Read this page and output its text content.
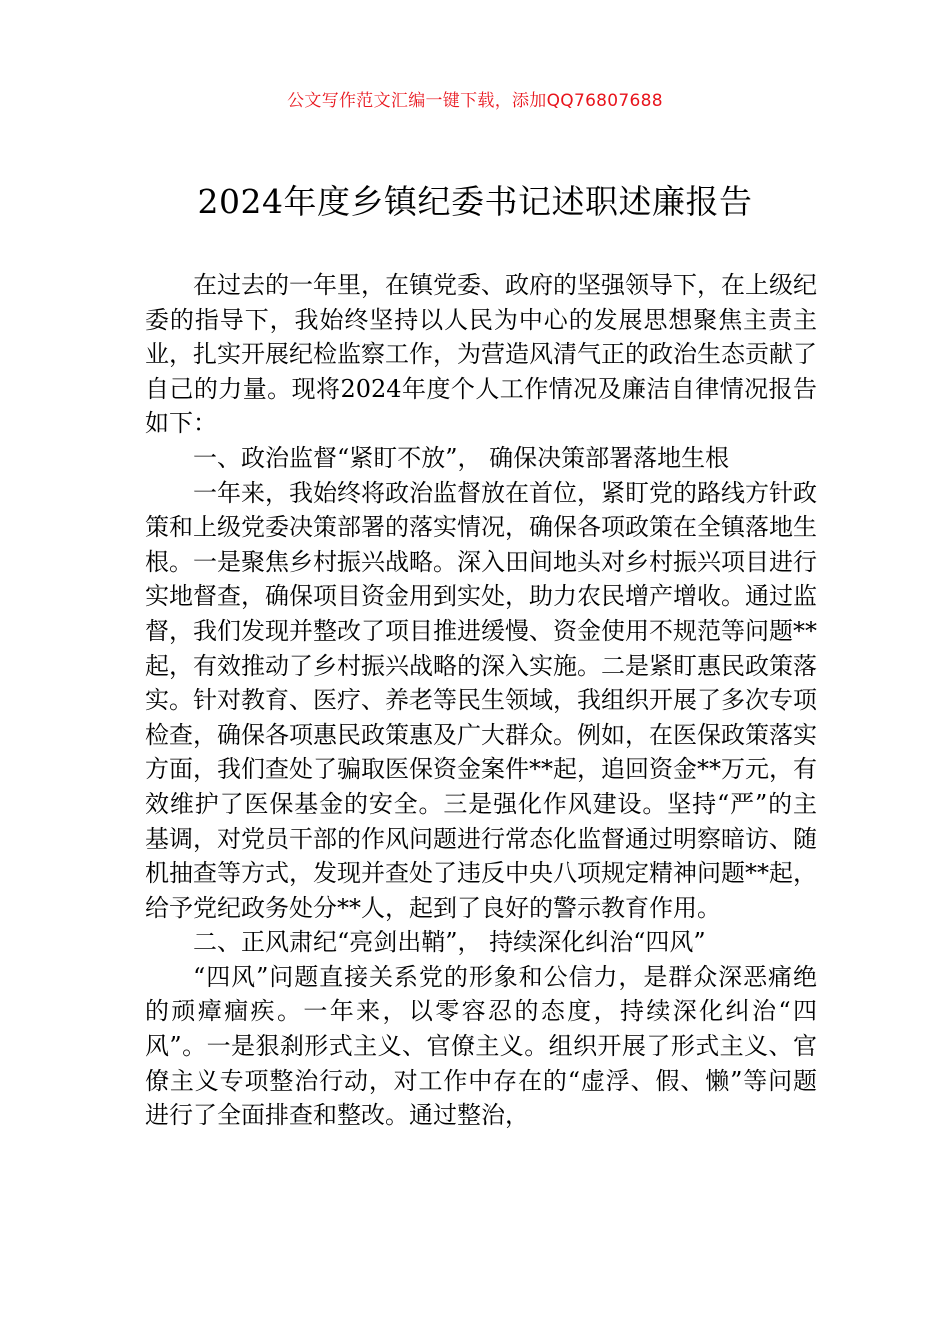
公文写作范文汇编一键下载，添加QQ76807688
2024年度乡镇纪委书记述职述廉报告

在过去的一年里，在镇党委、政府的坚强领导下，在上级纪委的指导下，我始终坚持以人民为中心的发展思想聚焦主责主业，扎实开展纪检监察工作，为营造风清气正的政治生态贡献了自己的力量。现将2024年度个人工作情况及廉洁自律情况报告如下：

一、政治监督“紧盯不放”， 确保决策部署落地生根

一年来，我始终将政治监督放在首位，紧盯党的路线方针政策和上级党委决策部署的落实情况，确保各项政策在全镇落地生根。一是聚焦乡村振兴战略。深入田间地头对乡村振兴项目进行实地督查，确保项目资金用到实处，助力农民增产增收。通过监督，我们发现并整改了项目推进缓慢、资金使用不规范等问题**起，有效推动了乡村振兴战略的深入实施。二是紧盯惠民政策落实。针对教育、医疗、养老等民生领域，我组织开展了多次专项检查，确保各项惠民政策惠及广大群众。例如，在医保政策落实方面，我们查处了骗取医保资金案件**起，追回资金**万元，有效维护了医保基金的安全。三是强化作风建设。坚持“严”的主基调，对党员干部的作风问题进行常态化监督通过明察暗访、随机抽查等方式，发现并查处了违反中央八项规定精神问题**起，给予党纪政务处分**人，起到了良好的警示教育作用。

二、正风肃纪“亮剑出鞘”， 持续深化纠治“四风”

“四风”问题直接关系党的形象和公信力，是群众深恶痛绝的顽瘴痼疾。一年来，以零容忍的态度，持续深化纠治“四风”。一是狠刹形式主义、官僚主义。组织开展了形式主义、官僚主义专项整治行动，对工作中存在的“虚浮、假、懒”等问题进行了全面排查和整改。通过整治，
